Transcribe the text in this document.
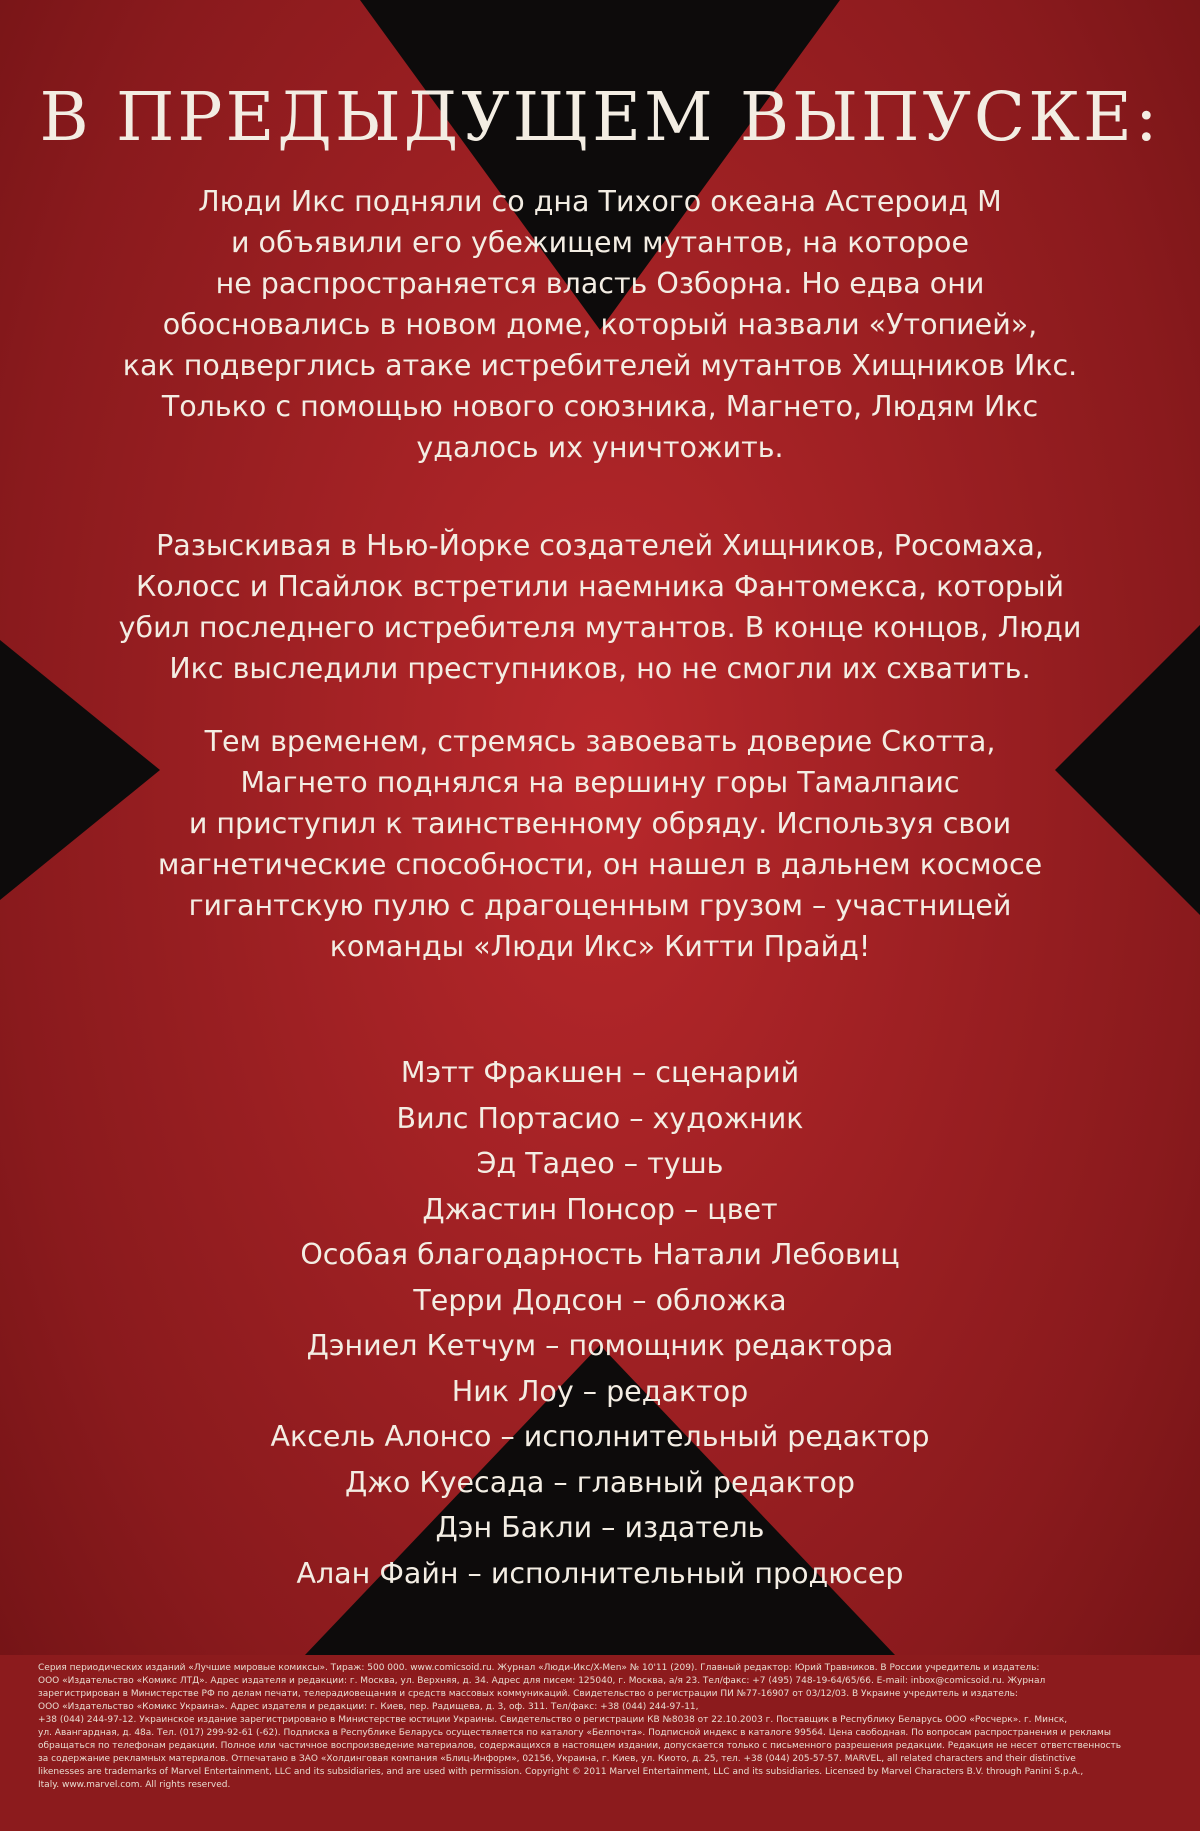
В ПРЕДЫДУЩЕМ ВЫПУСКЕ:

Люди Икс подняли со дна Тихого океана Астероид М
и объявили его убежищем мутантов, на которое
не распространяется власть Озборна. Но едва они
обосновались в новом доме, который назвали «Утопией»,
как подверглись атаке истребителей мутантов Хищников Икс.
Только с помощью нового союзника, Магнето, Людям Икс
удалось их уничтожить.

Разыскивая в Нью-Йорке создателей Хищников, Росомаха,
Колосс и Псайлок встретили наемника Фантомекса, который
убил последнего истребителя мутантов. В конце концов, Люди
Икс выследили преступников, но не смогли их схватить.

Тем временем, стремясь завоевать доверие Скотта,
Магнето поднялся на вершину горы Тамалпаис
и приступил к таинственному обряду. Используя свои
магнетические способности, он нашел в дальнем космосе
гигантскую пулю с драгоценным грузом – участницей
команды «Люди Икс» Китти Прайд!

Мэтт Фракшен – сценарий
Вилс Портасио – художник
Эд Тадео – тушь
Джастин Понсор – цвет
Особая благодарность Натали Лебовиц
Терри Додсон – обложка
Дэниел Кетчум – помощник редактора
Ник Лоу – редактор
Аксель Алонсо – исполнительный редактор
Джо Куесада – главный редактор
Дэн Бакли – издатель
Алан Файн – исполнительный продюсер
Серия периодических изданий «Лучшие мировые комиксы». Тираж: 500 000. www.comicsoid.ru. Журнал «Люди-Икс/X-Men» № 10'11 (209). Главный редактор: Юрий Травников. В России учредитель и издатель:
ООО «Издательство «Комикс ЛТД». Адрес издателя и редакции: г. Москва, ул. Верхняя, д. 34. Адрес для писем: 125040, г. Москва, а/я 23. Тел/факс: +7 (495) 748-19-64/65/66. E-mail: inbox@comicsoid.ru. Журнал
зарегистрирован в Министерстве РФ по делам печати, телерадиовещания и средств массовых коммуникаций. Свидетельство о регистрации ПИ №77-16907 от 03/12/03. В Украине учредитель и издатель:
ООО «Издательство «Комикс Украина». Адрес издателя и редакции: г. Киев, пер. Радищева, д. 3, оф. 311. Тел/факс: +38 (044) 244-97-11,
+38 (044) 244-97-12. Украинское издание зарегистрировано в Министерстве юстиции Украины. Свидетельство о регистрации КВ №8038 от 22.10.2003 г. Поставщик в Республику Беларусь ООО «Росчерк». г. Минск,
ул. Авангардная, д. 48а. Тел. (017) 299-92-61 (-62). Подписка в Республике Беларусь осуществляется по каталогу «Белпочта». Подписной индекс в каталоге 99564. Цена свободная. По вопросам распространения и рекламы
обращаться по телефонам редакции. Полное или частичное воспроизведение материалов, содержащихся в настоящем издании, допускается только с письменного разрешения редакции. Редакция не несет ответственность
за содержание рекламных материалов. Отпечатано в ЗАО «Холдинговая компания «Блиц-Информ», 02156, Украина, г. Киев, ул. Киото, д. 25, тел. +38 (044) 205-57-57. MARVEL, all related characters and their distinctive
likenesses are trademarks of Marvel Entertainment, LLC and its subsidiaries, and are used with permission. Copyright © 2011 Marvel Entertainment, LLC and its subsidiaries. Licensed by Marvel Characters B.V. through Panini S.p.A.,
Italy. www.marvel.com. All rights reserved.
